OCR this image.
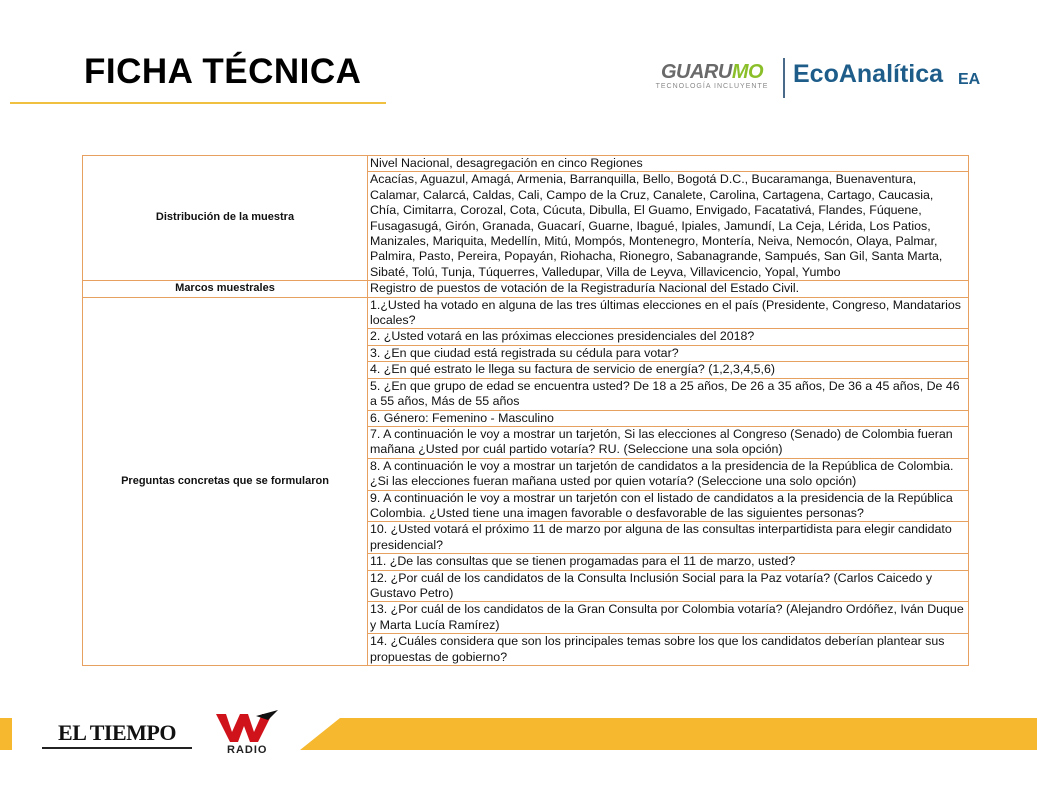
FICHA TÉCNICA	GUARUMO
TECNOLOGÍA INCLUYENTE EcoAnalítica EA
Distribución de la muestra	Nivel Nacional, desagregación en cinco Regiones
	Acacías, Aguazul, Amagá, Armenia, Barranquilla, Bello, Bogotá D.C., Bucaramanga, Buenaventura, Calamar, Calarcá, Caldas, Cali, Campo de la Cruz, Canalete, Carolina, Cartagena, Cartago, Caucasia, Chía, Cimitarra, Corozal, Cota, Cúcuta, Dibulla, El Guamo, Envigado, Facatativá, Flandes, Fúquene, Fusagasugá, Girón, Granada, Guacarí, Guarne, Ibagué, Ipiales, Jamundí, La Ceja, Lérida, Los Patios, Manizales, Mariquita, Medellín, Mitú, Mompós, Montenegro, Montería, Neiva, Nemocón, Olaya, Palmar, Palmira, Pasto, Pereira, Popayán, Riohacha, Rionegro, Sabanagrande, Sampués, San Gil, Santa Marta, Sibaté, Tolú, Tunja, Túquerres, Valledupar, Villa de Leyva, Villavicencio, Yopal, Yumbo
Marcos muestrales	Registro de puestos de votación de la Registraduría Nacional del Estado Civil.
Preguntas concretas que se formularon	1.¿Usted ha votado en alguna de las tres últimas elecciones en el país (Presidente, Congreso, Mandatarios locales?
	2. ¿Usted votará en las próximas elecciones presidenciales del 2018?
	3. ¿En que ciudad está registrada su cédula para votar?
	4. ¿En qué estrato le llega su factura de servicio de energía? (1,2,3,4,5,6)
	5. ¿En que grupo de edad se encuentra usted? De 18 a 25 años, De 26 a 35 años, De 36 a 45 años, De 46 a 55 años, Más de 55 años
	6. Género: Femenino - Masculino
	7. A continuación le voy a mostrar un tarjetón, Si las elecciones al Congreso (Senado) de Colombia fueran mañana ¿Usted por cuál partido votaría? RU. (Seleccione una sola opción)
	8. A continuación le voy a mostrar un tarjetón de candidatos a la presidencia de la República de Colombia. ¿Si las elecciones fueran mañana usted por quien votaría? (Seleccione una solo opción)
	9. A continuación le voy a mostrar un tarjetón con el listado de candidatos a la presidencia de la República Colombia. ¿Usted tiene una imagen favorable o desfavorable de las siguientes personas?
	10. ¿Usted votará el próximo 11 de marzo por alguna de las consultas interpartidista para elegir candidato presidencial?
	11. ¿De las consultas que se tienen progamadas para el 11 de marzo, usted?
	12. ¿Por cuál de los candidatos de la Consulta Inclusión Social para la Paz votaría? (Carlos Caicedo y Gustavo Petro)
	13. ¿Por cuál de los candidatos de la Gran Consulta por Colombia votaría? (Alejandro Ordóñez, Iván Duque y Marta Lucía Ramírez)
	14. ¿Cuáles considera que son los principales temas sobre los que los candidatos deberían plantear sus propuestas de gobierno?
EL TIEMPO
RADIO
